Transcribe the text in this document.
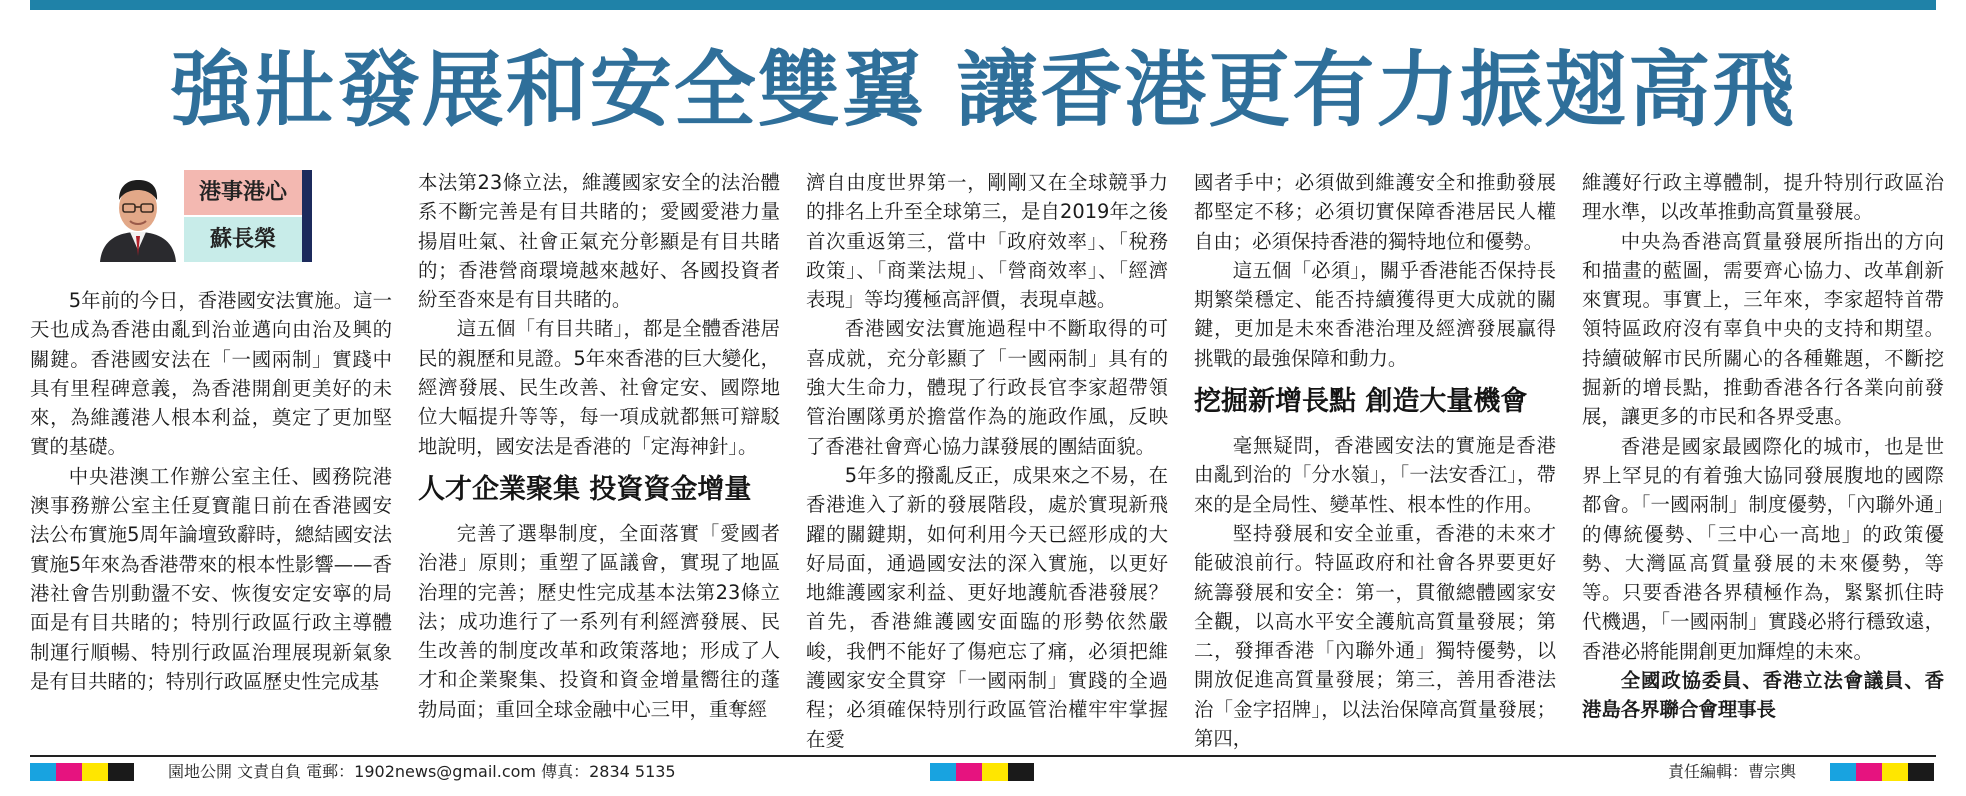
強壯發展和安全雙翼 讓香港更有力振翅高飛
港事港心
蘇長榮

5年前的今日，香港國安法實施。這一天也成為香港由亂到治並邁向由治及興的關鍵。香港國安法在「一國兩制」實踐中具有里程碑意義，為香港開創更美好的未來，為維護港人根本利益，奠定了更加堅實的基礎。

中央港澳工作辦公室主任、國務院港澳事務辦公室主任夏寶龍日前在香港國安法公布實施5周年論壇致辭時，總結國安法實施5年來為香港帶來的根本性影響——香港社會告別動盪不安、恢復安定安寧的局面是有目共睹的；特別行政區行政主導體制運行順暢、特別行政區治理展現新氣象是有目共睹的；特別行政區歷史性完成基

本法第23條立法，維護國家安全的法治體系不斷完善是有目共睹的；愛國愛港力量揚眉吐氣、社會正氣充分彰顯是有目共睹的；香港營商環境越來越好、各國投資者紛至沓來是有目共睹的。

這五個「有目共睹」，都是全體香港居民的親歷和見證。5年來香港的巨大變化，經濟發展、民生改善、社會定安、國際地位大幅提升等等，每一項成就都無可辯駁地說明，國安法是香港的「定海神針」。

人才企業聚集 投資資金增量

完善了選舉制度，全面落實「愛國者治港」原則；重塑了區議會，實現了地區治理的完善；歷史性完成基本法第23條立法；成功進行了一系列有利經濟發展、民生改善的制度改革和政策落地；形成了人才和企業聚集、投資和資金增量嚮往的蓬勃局面；重回全球金融中心三甲，重奪經

濟自由度世界第一，剛剛又在全球競爭力的排名上升至全球第三，是自2019年之後首次重返第三，當中「政府效率」、「稅務政策」、「商業法規」、「營商效率」、「經濟表現」等均獲極高評價，表現卓越。

香港國安法實施過程中不斷取得的可喜成就，充分彰顯了「一國兩制」具有的強大生命力，體現了行政長官李家超帶領管治團隊勇於擔當作為的施政作風，反映了香港社會齊心協力謀發展的團結面貌。

5年多的撥亂反正，成果來之不易，在香港進入了新的發展階段，處於實現新飛躍的關鍵期，如何利用今天已經形成的大好局面，通過國安法的深入實施，以更好地維護國家利益、更好地護航香港發展？首先，香港維護國安面臨的形勢依然嚴峻，我們不能好了傷疤忘了痛，必須把維護國家安全貫穿「一國兩制」實踐的全過程；必須確保特別行政區管治權牢牢掌握在愛

國者手中；必須做到維護安全和推動發展都堅定不移；必須切實保障香港居民人權自由；必須保持香港的獨特地位和優勢。

這五個「必須」，關乎香港能否保持長期繁榮穩定、能否持續獲得更大成就的關鍵，更加是未來香港治理及經濟發展贏得挑戰的最強保障和動力。

挖掘新增長點 創造大量機會

毫無疑問，香港國安法的實施是香港由亂到治的「分水嶺」，「一法安香江」，帶來的是全局性、變革性、根本性的作用。

堅持發展和安全並重，香港的未來才能破浪前行。特區政府和社會各界要更好統籌發展和安全：第一，貫徹總體國家安全觀，以高水平安全護航高質量發展；第二，發揮香港「內聯外通」獨特優勢，以開放促進高質量發展；第三，善用香港法治「金字招牌」，以法治保障高質量發展；第四，

維護好行政主導體制，提升特別行政區治理水準，以改革推動高質量發展。

中央為香港高質量發展所指出的方向和描畫的藍圖，需要齊心協力、改革創新來實現。事實上，三年來，李家超特首帶領特區政府沒有辜負中央的支持和期望。持續破解市民所關心的各種難題，不斷挖掘新的增長點，推動香港各行各業向前發展，讓更多的市民和各界受惠。

香港是國家最國際化的城市，也是世界上罕見的有着強大協同發展腹地的國際都會。「一國兩制」制度優勢，「內聯外通」的傳統優勢、「三中心一高地」的政策優勢、大灣區高質量發展的未來優勢，等等。只要香港各界積極作為，緊緊抓住時代機遇，「一國兩制」實踐必將行穩致遠，香港必將能開創更加輝煌的未來。

全國政協委員、香港立法會議員、香港島各界聯合會理事長

園地公開 文責自負 電郵：1902news@gmail.com 傳真：2834 5135	責任編輯：曹宗輿
